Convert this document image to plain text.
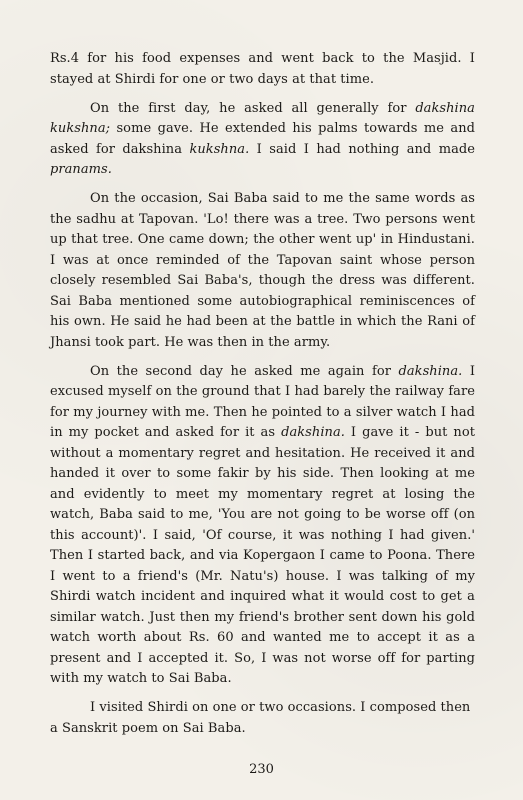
Rs.4 for his food expenses and went back to the Masjid. I stayed at Shirdi for one or two days at that time.

On the first day, he asked all generally for dakshina kukshna; some gave. He extended his palms towards me and asked for dakshina kukshna. I said I had nothing and made pranams.

On the occasion, Sai Baba said to me the same words as the sadhu at Tapovan. 'Lo! there was a tree. Two persons went up that tree. One came down; the other went up' in Hindustani. I was at once reminded of the Tapovan saint whose person closely resembled Sai Baba's, though the dress was different. Sai Baba mentioned some autobiographical reminiscences of his own. He said he had been at the battle in which the Rani of Jhansi took part. He was then in the army.

On the second day he asked me again for dakshina. I excused myself on the ground that I had barely the railway fare for my journey with me. Then he pointed to a silver watch I had in my pocket and asked for it as dakshina. I gave it - but not without a momentary regret and hesitation. He received it and handed it over to some fakir by his side. Then looking at me and evidently to meet my momentary regret at losing the watch, Baba said to me, 'You are not going to be worse off (on this account)'. I said, 'Of course, it was nothing I had given.' Then I started back, and via Kopergaon I came to Poona. There I went to a friend's (Mr. Natu's) house. I was talking of my Shirdi watch incident and inquired what it would cost to get a similar watch. Just then my friend's brother sent down his gold watch worth about Rs. 60 and wanted me to accept it as a present and I accepted it. So, I was not worse off for parting with my watch to Sai Baba.

I visited Shirdi on one or two occasions. I composed then a Sanskrit poem on Sai Baba.

230
